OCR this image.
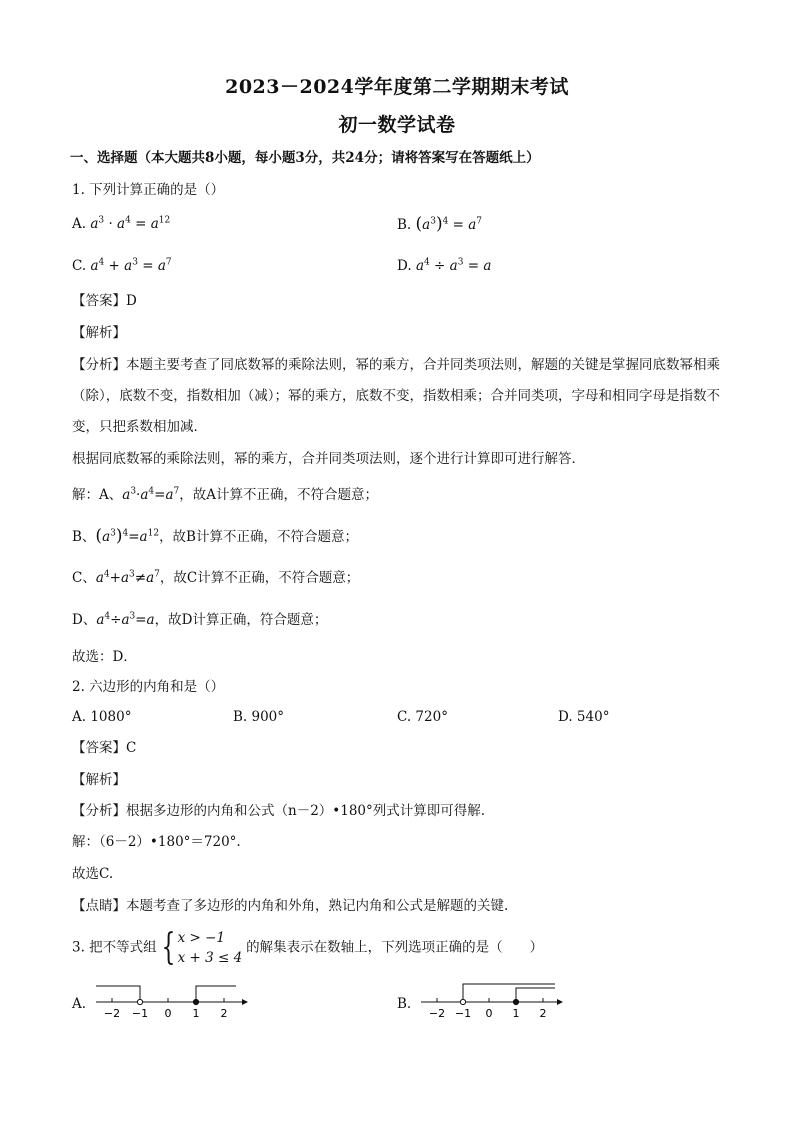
2023－2024学年度第二学期期末考试
初一数学试卷
一、选择题（本大题共8小题，每小题3分，共24分；请将答案写在答题纸上）
1. 下列计算正确的是（）
A. $a^3 \cdot a^4 = a^{12}$	B. $(a^3)^4 = a^7$
C. $a^4 + a^3 = a^7$	D. $a^4 \div a^3 = a$
【答案】D
【解析】
【分析】本题主要考查了同底数幂的乘除法则，幂的乘方，合并同类项法则，解题的关键是掌握同底数幂相乘（除），底数不变，指数相加（减）；幂的乘方，底数不变，指数相乘；合并同类项，字母和相同字母是指数不变，只把系数相加减．
根据同底数幂的乘除法则，幂的乘方，合并同类项法则，逐个进行计算即可进行解答．
解：A、$a^3\cdot a^4=a^7$，故A计算不正确，不符合题意；
B、$(a^3)^4=a^{12}$，故B计算不正确，不符合题意；
C、$a^4+a^3\ne a^7$，故C计算不正确，不符合题意；
D、$a^4\div a^3=a$，故D计算正确，符合题意；
故选：D．
2. 六边形的内角和是（）
A. 1080°	B. 900°	C. 720°	D. 540°
【答案】C
【解析】
【分析】根据多边形的内角和公式（n－2）•180°列式计算即可得解.
解：（6－2）•180°＝720°.
故选C.
【点睛】本题考查了多边形的内角和外角，熟记内角和公式是解题的关键.
3. 把不等式组 { x > −1
x + 3 ≤ 4
的解集表示在数轴上，下列选项正确的是（　　）
A.
−2 −1 0 1 2
B.
−2 −1 0 1 2
